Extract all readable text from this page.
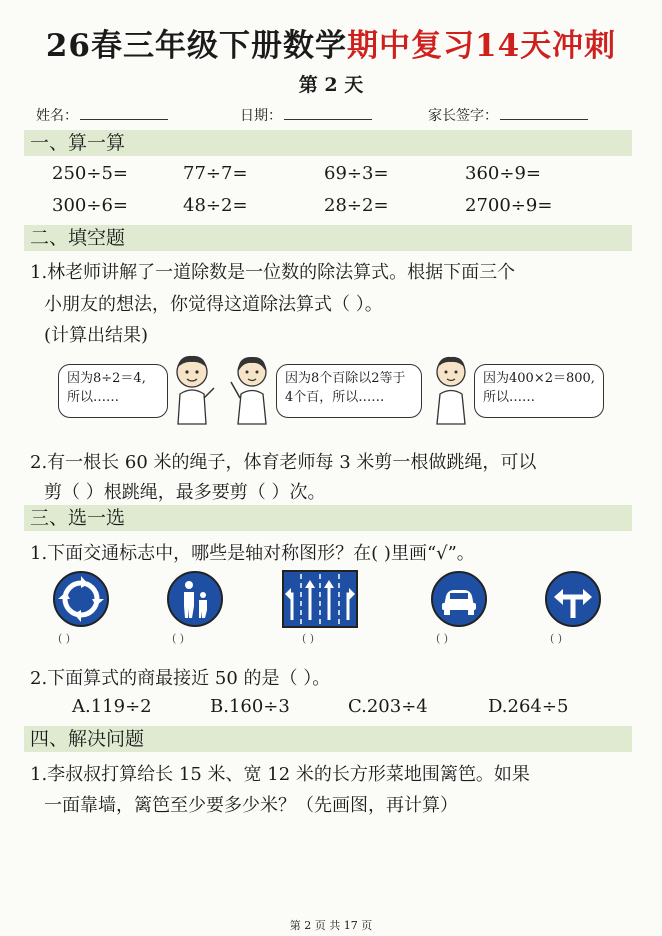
26春三年级下册数学期中复习14天冲刺
第 2 天
姓名：	日期：	家长签字：
一、算一算
250÷5=	77÷7=	69÷3=	360÷9=
300÷6=	48÷2=	28÷2=	2700÷9=
二、填空题
1.林老师讲解了一道除数是一位数的除法算式。根据下面三个
小朋友的想法，你觉得这道除法算式（ ）。
(计算出结果)
因为8÷2＝4,
所以……
因为8个百除以2等于
4个百，所以……
因为400×2＝800,
所以……
2.有一根长 60 米的绳子，体育老师每 3 米剪一根做跳绳，可以
剪（ ）根跳绳，最多要剪（ ）次。
三、选一选
1.下面交通标志中，哪些是轴对称图形？在( )里画“√”。
( )	( )	( )	( )	( )
2.下面算式的商最接近 50 的是（ ）。
A.119÷2	B.160÷3	C.203÷4	D.264÷5
四、解决问题
1.李叔叔打算给长 15 米、宽 12 米的长方形菜地围篱笆。如果
一面靠墙，篱笆至少要多少米？（先画图，再计算）
第 2 页 共 17 页
